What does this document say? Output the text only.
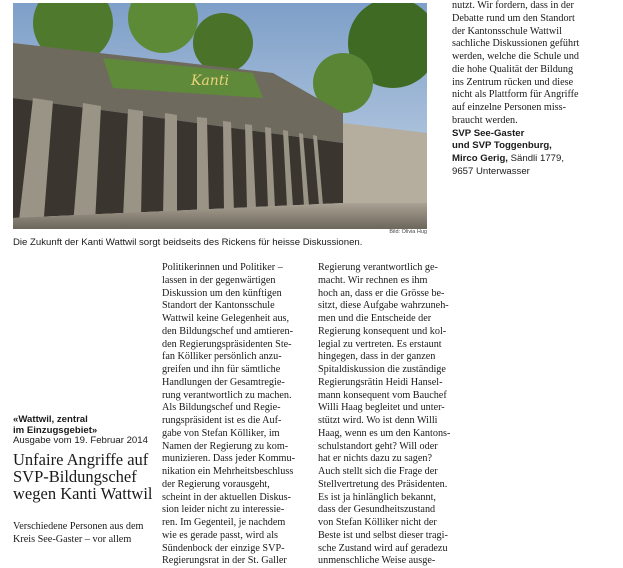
Kanti
Bild: Olivia Hug
Die Zukunft der Kanti Wattwil sorgt beidseits des Rickens für heisse Diskussionen.
nutzt. Wir fordern, dass in der
Debatte rund um den Standort
der Kantonsschule Wattwil
sachliche Diskussionen geführt
werden, welche die Schule und
die hohe Qualität der Bildung
ins Zentrum rücken und diese
nicht als Plattform für Angriffe
auf einzelne Personen miss-
braucht werden.
SVP See-Gaster
und SVP Toggenburg,
Mirco Gerig, Sändli 1779,
9657 Unterwasser
«Wattwil, zentral
im Einzugsgebiet»
Ausgabe vom 19. Februar 2014
Unfaire Angriffe auf
SVP-Bildungschef
wegen Kanti Wattwil
Verschiedene Personen aus dem
Kreis See-Gaster – vor allem
Politikerinnen und Politiker –
lassen in der gegenwärtigen
Diskussion um den künftigen
Standort der Kantonsschule
Wattwil keine Gelegenheit aus,
den Bildungschef und amtieren-
den Regierungspräsidenten Ste-
fan Kölliker persönlich anzu-
greifen und ihn für sämtliche
Handlungen der Gesamtregie-
rung verantwortlich zu machen.
Als Bildungschef und Regie-
rungspräsident ist es die Auf-
gabe von Stefan Kölliker, im
Namen der Regierung zu kom-
munizieren. Dass jeder Kommu-
nikation ein Mehrheitsbeschluss
der Regierung vorausgeht,
scheint in der aktuellen Diskus-
sion leider nicht zu interessie-
ren. Im Gegenteil, je nachdem
wie es gerade passt, wird als
Sündenbock der einzige SVP-
Regierungsrat in der St. Galler
Regierung verantwortlich ge-
macht. Wir rechnen es ihm
hoch an, dass er die Grösse be-
sitzt, diese Aufgabe wahrzuneh-
men und die Entscheide der
Regierung konsequent und kol-
legial zu vertreten. Es erstaunt
hingegen, dass in der ganzen
Spitaldiskussion die zuständige
Regierungsrätin Heidi Hansel-
mann konsequent vom Bauchef
Willi Haag begleitet und unter-
stützt wird. Wo ist denn Willi
Haag, wenn es um den Kantons-
schulstandort geht? Will oder
hat er nichts dazu zu sagen?
Auch stellt sich die Frage der
Stellvertretung des Präsidenten.
Es ist ja hinlänglich bekannt,
dass der Gesundheitszustand
von Stefan Kölliker nicht der
Beste ist und selbst dieser tragi-
sche Zustand wird auf geradezu
unmenschliche Weise ausge-
